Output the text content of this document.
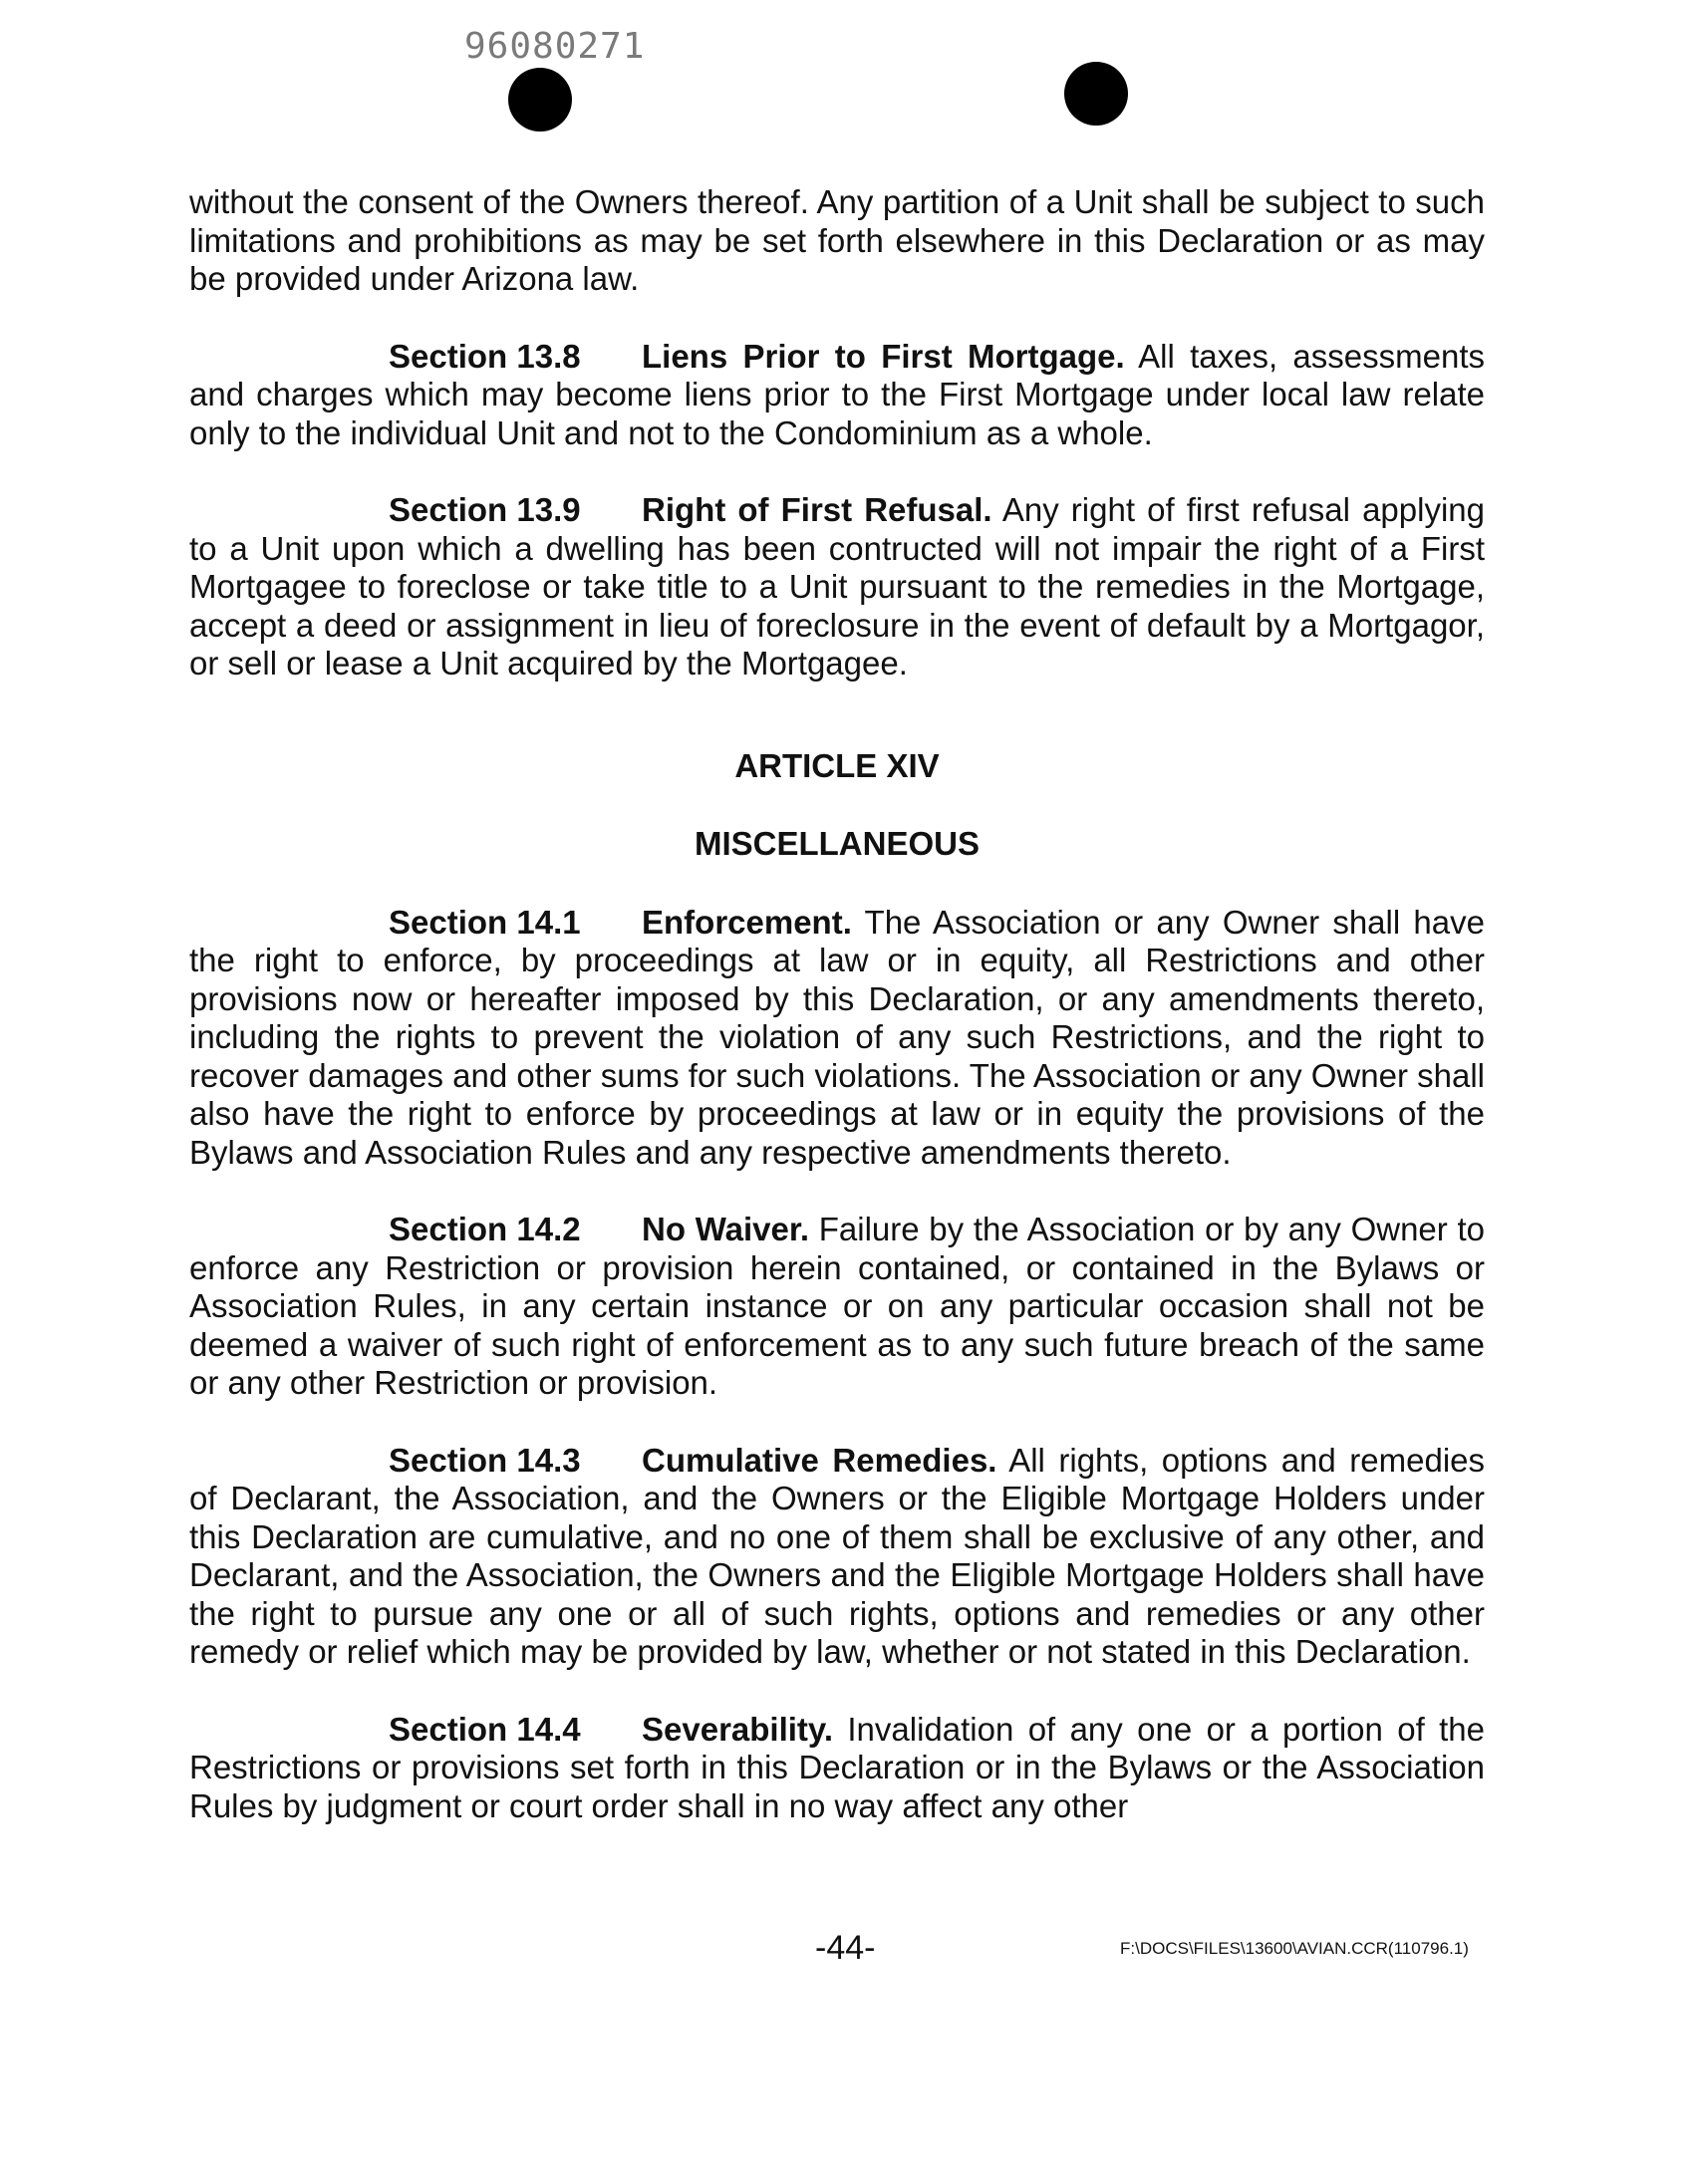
96080271

without the consent of the Owners thereof. Any partition of a Unit shall be subject to such limitations and prohibitions as may be set forth elsewhere in this Declaration or as may be provided under Arizona law.

Section 13.8 Liens Prior to First Mortgage. All taxes, assessments and charges which may become liens prior to the First Mortgage under local law relate only to the individual Unit and not to the Condominium as a whole.

Section 13.9 Right of First Refusal. Any right of first refusal applying to a Unit upon which a dwelling has been contructed will not impair the right of a First Mortgagee to foreclose or take title to a Unit pursuant to the remedies in the Mortgage, accept a deed or assignment in lieu of foreclosure in the event of default by a Mortgagor, or sell or lease a Unit acquired by the Mortgagee.

ARTICLE XIV
MISCELLANEOUS

Section 14.1 Enforcement. The Association or any Owner shall have the right to enforce, by proceedings at law or in equity, all Restrictions and other provisions now or hereafter imposed by this Declaration, or any amendments thereto, including the rights to prevent the violation of any such Restrictions, and the right to recover damages and other sums for such violations. The Association or any Owner shall also have the right to enforce by proceedings at law or in equity the provisions of the Bylaws and Association Rules and any respective amendments thereto.

Section 14.2 No Waiver. Failure by the Association or by any Owner to enforce any Restriction or provision herein contained, or contained in the Bylaws or Association Rules, in any certain instance or on any particular occasion shall not be deemed a waiver of such right of enforcement as to any such future breach of the same or any other Restriction or provision.

Section 14.3 Cumulative Remedies. All rights, options and remedies of Declarant, the Association, and the Owners or the Eligible Mortgage Holders under this Declaration are cumulative, and no one of them shall be exclusive of any other, and Declarant, and the Association, the Owners and the Eligible Mortgage Holders shall have the right to pursue any one or all of such rights, options and remedies or any other remedy or relief which may be provided by law, whether or not stated in this Declaration.

Section 14.4 Severability. Invalidation of any one or a portion of the Restrictions or provisions set forth in this Declaration or in the Bylaws or the Association Rules by judgment or court order shall in no way affect any other

-44-	F:\DOCS\FILES\13600\AVIAN.CCR(110796.1)
